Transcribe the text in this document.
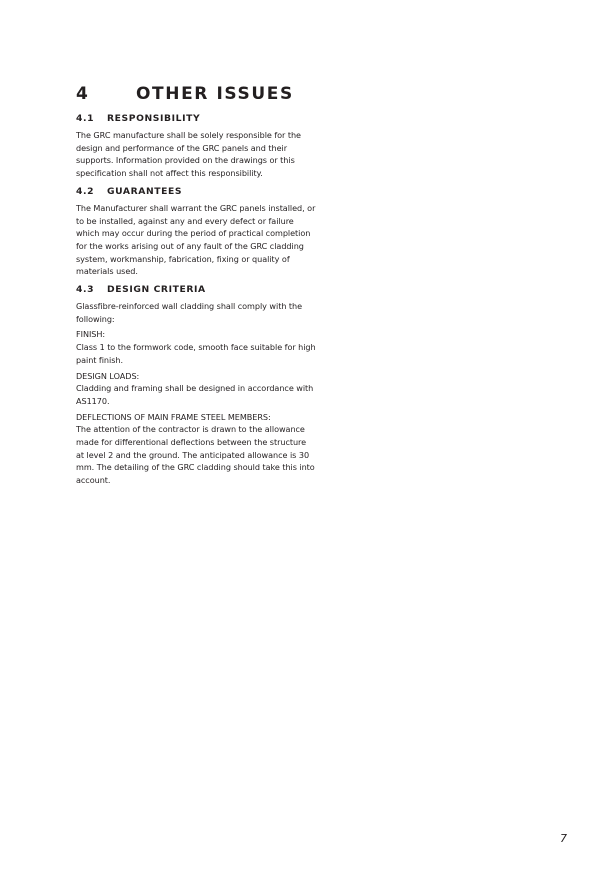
4	OTHER ISSUES
4.1	RESPONSIBILITY

The GRC manufacture shall be solely responsible for the design and performance of the GRC panels and their supports. Information provided on the drawings or this specification shall not affect this responsibility.

4.2	GUARANTEES

The Manufacturer shall warrant the GRC panels installed, or to be installed, against any and every defect or failure which may occur during the period of practical completion for the works arising out of any fault of the GRC cladding system, workmanship, fabrication, fixing or quality of materials used.

4.3	DESIGN CRITERIA

Glassfibre-reinforced wall cladding shall comply with the following:

FINISH:

Class 1 to the formwork code, smooth face suitable for high paint finish.

DESIGN LOADS:

Cladding and framing shall be designed in accordance with AS1170.

DEFLECTIONS OF MAIN FRAME STEEL MEMBERS:

The attention of the contractor is drawn to the allowance made for differentional deflections between the structure at level 2 and the ground. The anticipated allowance is 30 mm. The detailing of the GRC cladding should take this into account.

7
